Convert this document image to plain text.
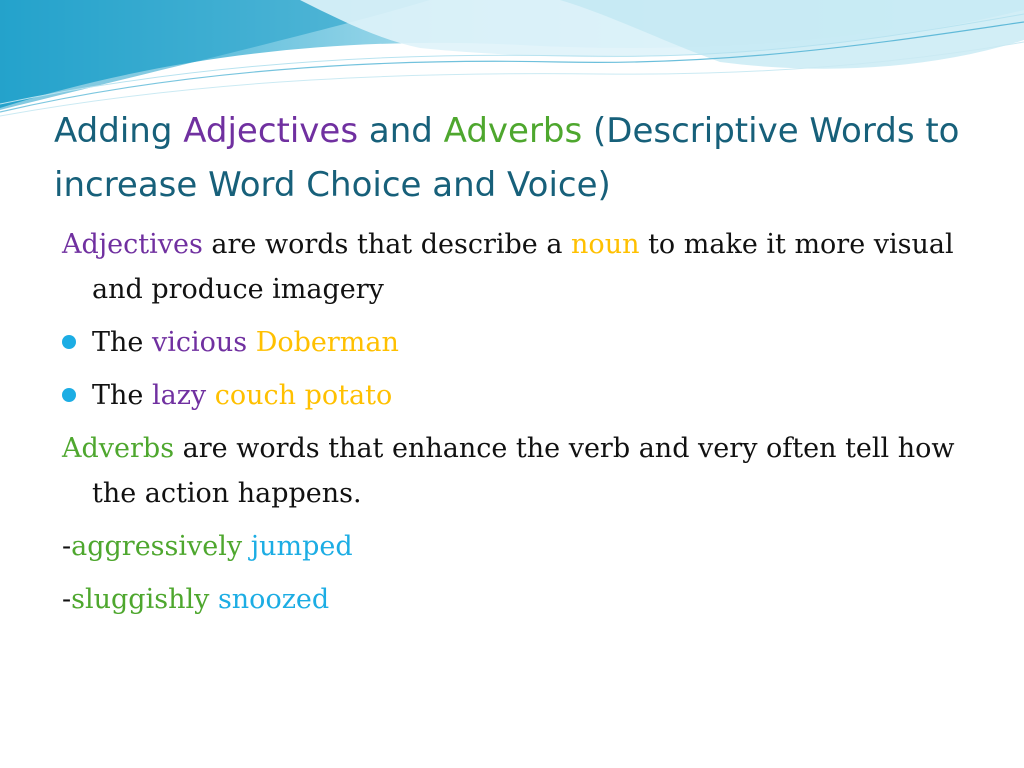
Adding Adjectives and Adverbs (Descriptive Words to increase Word Choice and Voice)
Adjectives are words that describe a noun to make it more visual and produce imagery
The vicious Doberman
The lazy couch potato
Adverbs are words that enhance the verb and very often tell how the action happens.
-aggressively jumped
-sluggishly snoozed
